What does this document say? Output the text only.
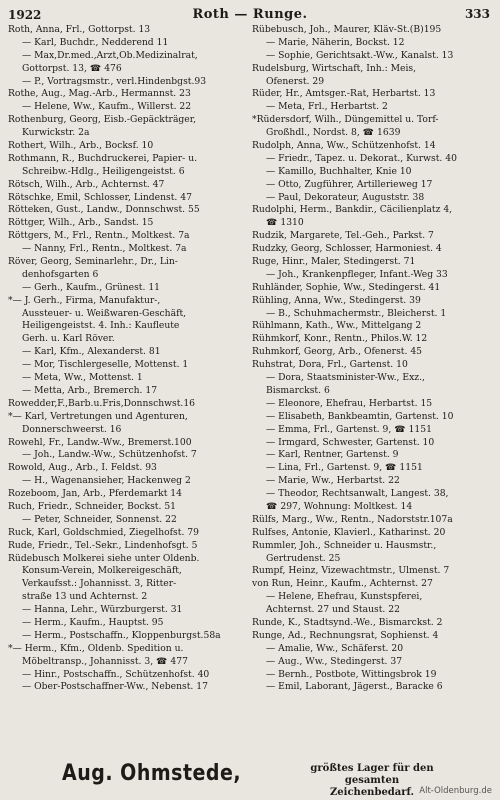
1922	Roth — Runge.	333
Roth, Anna, Frl., Gottorpst. 13
— Karl, Buchdr., Nedderend 11
— Max,Dr.med.,Arzt,Ob.Medizinalrat,
Gottorpst. 13, ☎ 476
— P., Vortragsmstr., verl.Hindenbgst.93
Rothe, Aug., Mag.-Arb., Hermannst. 23
— Helene, Ww., Kaufm., Willerst. 22
Rothenburg, Georg, Eisb.-Gepäckträger,
Kurwickstr. 2a
Rothert, Wilh., Arb., Bocksf. 10
Rothmann, R., Buchdruckerei, Papier- u.
Schreibw.-Hdlg., Heiligengeistst. 6
Rötsch, Wilh., Arb., Achternst. 47
Rötschke, Emil, Schlosser, Lindenst. 47
Rötteken, Gust., Landw., Donnschwst. 55
Röttger, Wilh., Arb., Sandst. 15
Röttgers, M., Frl., Rentn., Moltkest. 7a
— Nanny, Frl., Rentn., Moltkest. 7a
Röver, Georg, Seminarlehr., Dr., Lin-
denhofsgarten 6
— Gerh., Kaufm., Grünest. 11
*— J. Gerh., Firma, Manufaktur-,
Aussteuer- u. Weißwaren-Geschäft,
Heiligengeistst. 4. Inh.: Kaufleute
Gerh. u. Karl Röver.
— Karl, Kfm., Alexanderst. 81
— Mor, Tischlergeselle, Mottenst. 1
— Meta, Ww., Mottenst. 1
— Metta, Arb., Bremerch. 17
Rowedder,F.,Barb.u.Fris,Donnschwst.16
*— Karl, Vertretungen und Agenturen,
Donnerschweerst. 16
Rowehl, Fr., Landw.-Ww., Bremerst.100
— Joh., Landw.-Ww., Schützenhofst. 7
Rowold, Aug., Arb., I. Feldst. 93
— H., Wagenansieher, Hackenweg 2
Rozeboom, Jan, Arb., Pferdemarkt 14
Ruch, Friedr., Schneider, Bockst. 51
— Peter, Schneider, Sonnenst. 22
Ruck, Karl, Goldschmied, Ziegelhofst. 79
Rude, Friedr., Tel.-Sekr., Lindenhofsgt. 5
Rüdebusch Molkerei siehe unter Oldenb.
Konsum-Verein, Molkereigeschäft,
Verkaufsst.: Johannisst. 3, Ritter-
straße 13 und Achternst. 2
— Hanna, Lehr., Würzburgerst. 31
— Herm., Kaufm., Hauptst. 95
— Herm., Postschaffn., Kloppenburgst.58a
*— Herm., Kfm., Oldenb. Spedition u.
Möbeltransp., Johannisst. 3, ☎ 477
— Hinr., Postschaffn., Schützenhofst. 40
— Ober-Postschaffner-Ww., Nebenst. 17
Rübebusch, Joh., Maurer, Kläv-St.(B)195
— Marie, Näherin, Bockst. 12
— Sophie, Gerichtsakt.-Ww., Kanalst. 13
Rudelsburg, Wirtschaft, Inh.: Meis,
Ofenerst. 29
Rüder, Hr., Amtsger.-Rat, Herbartst. 13
— Meta, Frl., Herbartst. 2
*Rüdersdorf, Wilh., Düngemittel u. Torf-
Großhdl., Nordst. 8, ☎ 1639
Rudolph, Anna, Ww., Schützenhofst. 14
— Friedr., Tapez. u. Dekorat., Kurwst. 40
— Kamillo, Buchhalter, Knie 10
— Otto, Zugführer, Artillerieweg 17
— Paul, Dekorateur, Auguststr. 38
Rudolphi, Herm., Bankdir., Cäcilienplatz 4,
☎ 1310
Rudzik, Margarete, Tel.-Geh., Parkst. 7
Rudzky, Georg, Schlosser, Harmoniest. 4
Ruge, Hinr., Maler, Stedingerst. 71
— Joh., Krankenpfleger, Infant.-Weg 33
Ruhländer, Sophie, Ww., Stedingerst. 41
Rühling, Anna, Ww., Stedingerst. 39
— B., Schuhmachermstr., Bleicherst. 1
Rühlmann, Kath., Ww., Mittelgang 2
Rühmkorf, Konr., Rentn., Philos.W. 12
Ruhmkorf, Georg, Arb., Ofenerst. 45
Ruhstrat, Dora, Frl., Gartenst. 10
— Dora, Staatsminister-Ww., Exz.,
Bismarckst. 6
— Eleonore, Ehefrau, Herbartst. 15
— Elisabeth, Bankbeamtin, Gartenst. 10
— Emma, Frl., Gartenst. 9, ☎ 1151
— Irmgard, Schwester, Gartenst. 10
— Karl, Rentner, Gartenst. 9
— Lina, Frl., Gartenst. 9, ☎ 1151
— Marie, Ww., Herbartst. 22
— Theodor, Rechtsanwalt, Langest. 38,
☎ 297, Wohnung: Moltkest. 14
Rülfs, Marg., Ww., Rentn., Nadorststr.107a
Rulfses, Antonie, Klavierl., Katharinst. 20
Rummler, Joh., Schneider u. Hausmstr.,
Gertrudenst. 25
Rumpf, Heinz, Vizewachtmstr., Ulmenst. 7
von Run, Heinr., Kaufm., Achternst. 27
— Helene, Ehefrau, Kunstspferei,
Achternst. 27 und Staust. 22
Runde, K., Stadtsynd.-We., Bismarckst. 2
Runge, Ad., Rechnungsrat, Sophienst. 4
— Amalie, Ww., Schäferst. 20
— Aug., Ww., Stedingerst. 37
— Bernh., Postbote, Wittingsbrok 19
— Emil, Laborant, Jägerst., Baracke 6
Aug. Ohmstede,	größtes Lager für den gesamten
Zeichenbedarf. Alt-Oldenburg.de
